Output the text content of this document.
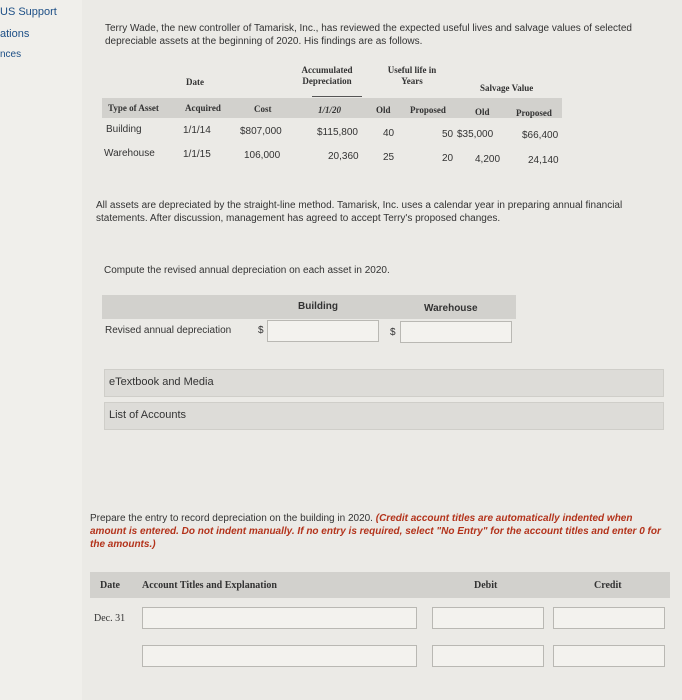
US Support
ations
nces
Terry Wade, the new controller of Tamarisk, Inc., has reviewed the expected useful lives and salvage values of selected depreciable assets at the beginning of 2020. His findings are as follows.
Date
Accumulated Depreciation
Useful life in Years
Salvage Value
Type of Asset	Acquired	Cost	1/1/20	Old Proposed	Old	Proposed
Building	1/1/14	$807,000	$115,800	40	50 $35,000	$66,400
Warehouse	1/1/15	106,000	20,360 25	20 4,200	24,140
All assets are depreciated by the straight-line method. Tamarisk, Inc. uses a calendar year in preparing annual financial statements. After discussion, management has agreed to accept Terry's proposed changes.
Compute the revised annual depreciation on each asset in 2020.
Building	Warehouse
Revised annual depreciation	$	$
eTextbook and Media
List of Accounts
Prepare the entry to record depreciation on the building in 2020. (Credit account titles are automatically indented when amount is entered. Do not indent manually. If no entry is required, select "No Entry" for the account titles and enter 0 for the amounts.)
Date Account Titles and Explanation	Debit	Credit
Dec. 31
